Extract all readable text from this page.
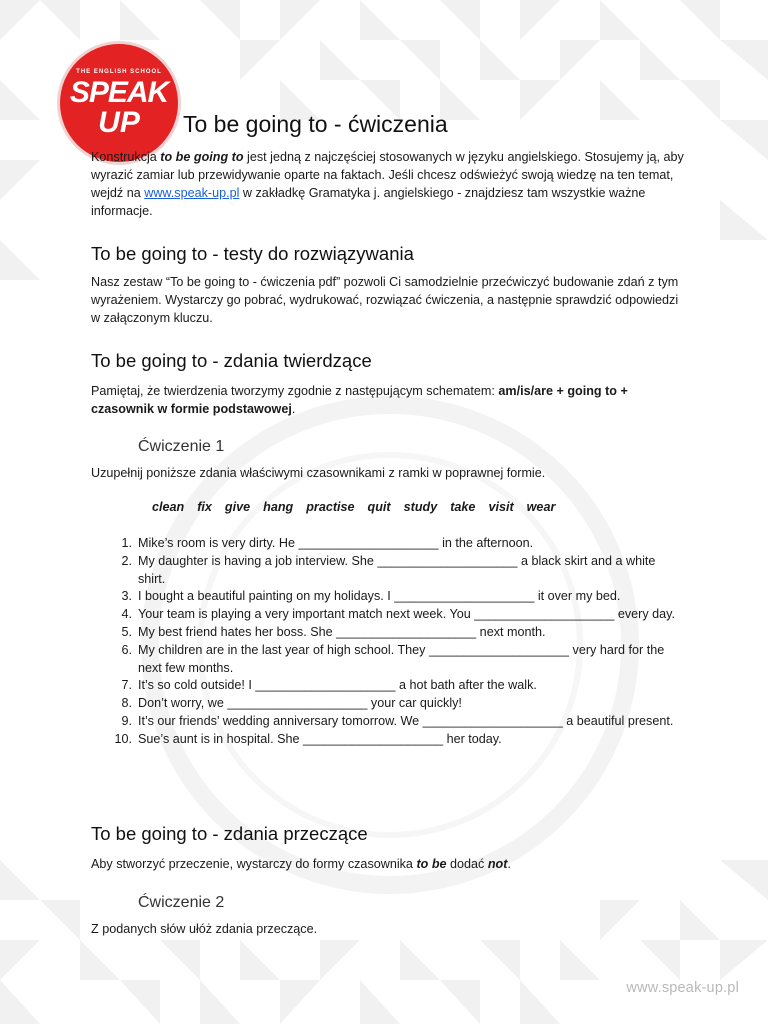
THE ENGLISH SCHOOL
SPEAK
UP	To be going to - ćwiczenia
Konstrukcja to be going to jest jedną z najczęściej stosowanych w języku angielskiego. Stosujemy ją, aby wyrazić zamiar lub przewidywanie oparte na faktach. Jeśli chcesz odświeżyć swoją wiedzę na ten temat, wejdź na www.speak-up.pl w zakładkę Gramatyka j. angielskiego - znajdziesz tam wszystkie ważne informacje.
To be going to - testy do rozwiązywania
Nasz zestaw “To be going to - ćwiczenia pdf” pozwoli Ci samodzielnie przećwiczyć budowanie zdań z tym wyrażeniem. Wystarczy go pobrać, wydrukować, rozwiązać ćwiczenia, a następnie sprawdzić odpowiedzi w załączonym kluczu.
To be going to - zdania twierdzące
Pamiętaj, że twierdzenia tworzymy zgodnie z następującym schematem: am/is/are + going to + czasownik w formie podstawowej.
Ćwiczenie 1
Uzupełnij poniższe zdania właściwymi czasownikami z ramki w poprawnej formie.
clean fix give hang practise quit study take visit wear
1. Mike’s room is very dirty. He ____________________ in the afternoon.
2. My daughter is having a job interview. She ____________________ a black skirt and a white shirt.
3. I bought a beautiful painting on my holidays. I ____________________ it over my bed.
4. Your team is playing a very important match next week. You ____________________ every day.
5. My best friend hates her boss. She ____________________ next month.
6. My children are in the last year of high school. They ____________________ very hard for the next few months.
7. It’s so cold outside! I ____________________ a hot bath after the walk.
8. Don’t worry, we ____________________ your car quickly!
9. It’s our friends’ wedding anniversary tomorrow. We ____________________ a beautiful present.
10. Sue’s aunt is in hospital. She ____________________ her today.
To be going to - zdania przeczące
Aby stworzyć przeczenie, wystarczy do formy czasownika to be dodać not.
Ćwiczenie 2
Z podanych słów ułóż zdania przeczące.
www.speak-up.pl
